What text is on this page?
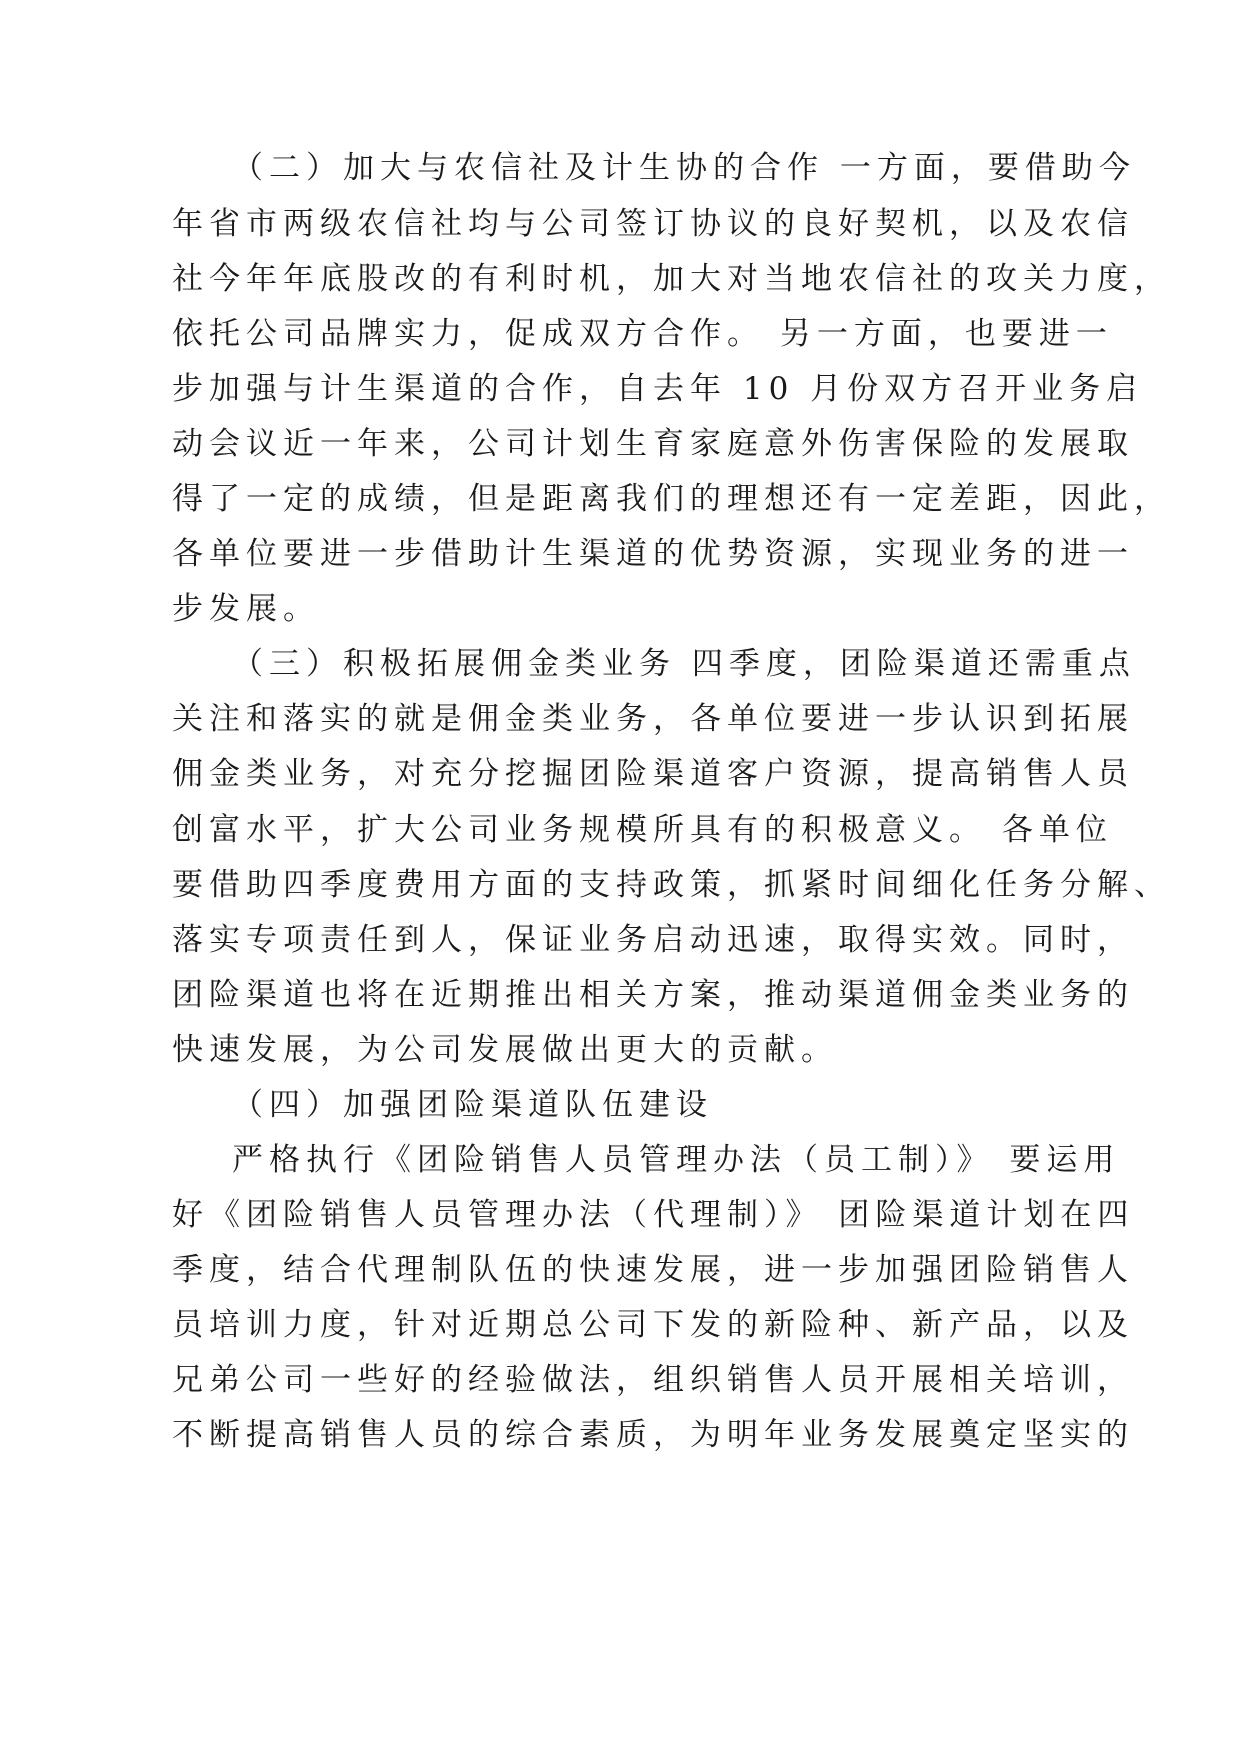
（二）加大与农信社及计生协的合作 一方面，要借助今
年省市两级农信社均与公司签订协议的良好契机，以及农信
社今年年底股改的有利时机，加大对当地农信社的攻关力度，
依托公司品牌实力，促成双方合作。 另一方面，也要进一
步加强与计生渠道的合作，自去年 10 月份双方召开业务启
动会议近一年来，公司计划生育家庭意外伤害保险的发展取
得了一定的成绩，但是距离我们的理想还有一定差距，因此，
各单位要进一步借助计生渠道的优势资源，实现业务的进一
步发展。
（三）积极拓展佣金类业务 四季度，团险渠道还需重点
关注和落实的就是佣金类业务，各单位要进一步认识到拓展
佣金类业务，对充分挖掘团险渠道客户资源，提高销售人员
创富水平，扩大公司业务规模所具有的积极意义。 各单位
要借助四季度费用方面的支持政策，抓紧时间细化任务分解、
落实专项责任到人，保证业务启动迅速，取得实效。同时，
团险渠道也将在近期推出相关方案，推动渠道佣金类业务的
快速发展，为公司发展做出更大的贡献。
（四）加强团险渠道队伍建设
严格执行《团险销售人员管理办法（员工制）》 要运用
好《团险销售人员管理办法（代理制）》 团险渠道计划在四
季度，结合代理制队伍的快速发展，进一步加强团险销售人
员培训力度，针对近期总公司下发的新险种、新产品，以及
兄弟公司一些好的经验做法，组织销售人员开展相关培训，
不断提高销售人员的综合素质，为明年业务发展奠定坚实的
